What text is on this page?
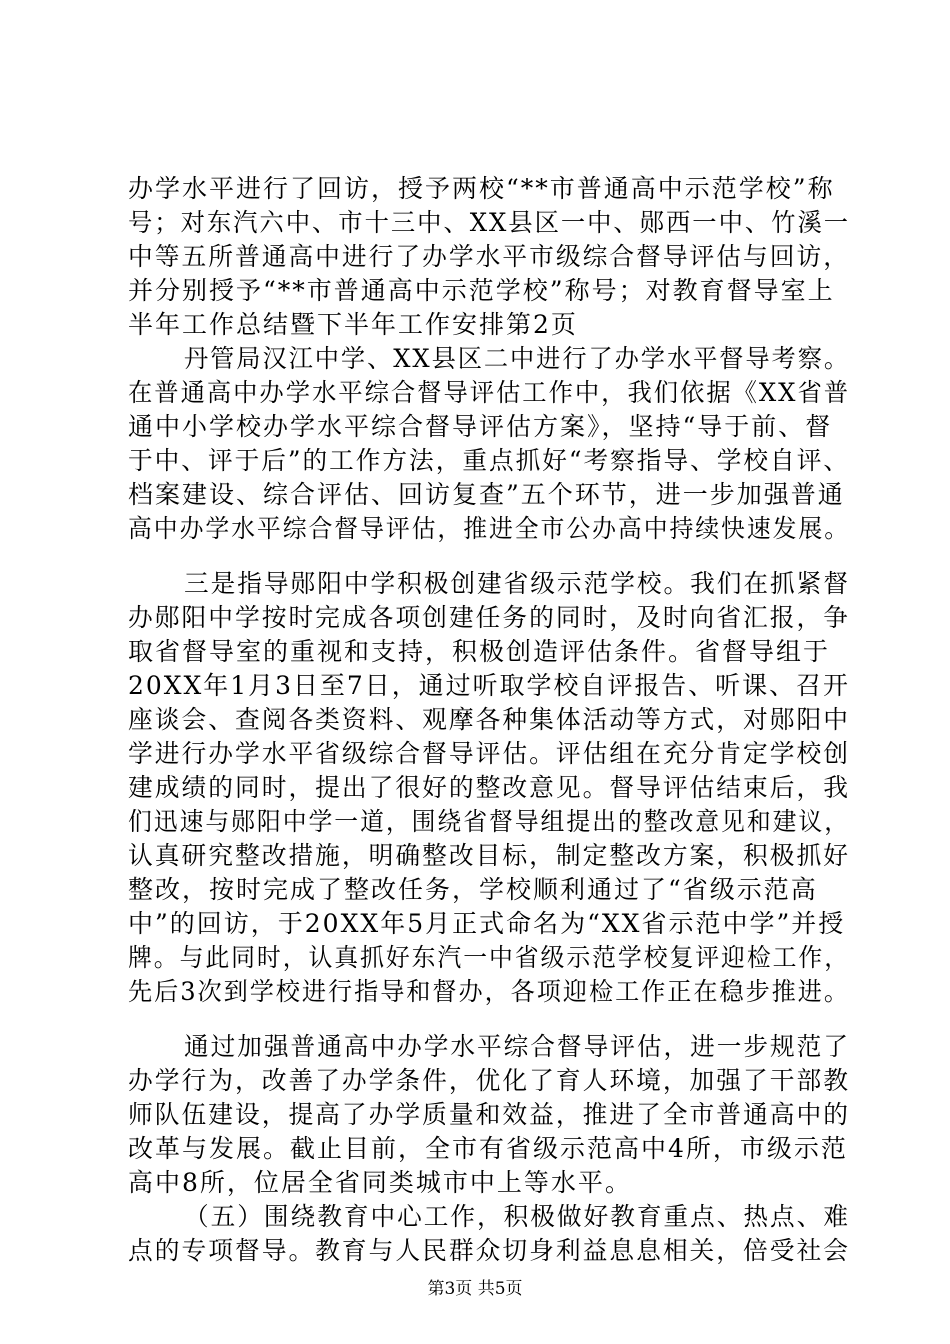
办学水平进行了回访，授予两校“**市普通高中示范学校”称
号；对东汽六中、市十三中、XX县区一中、郧西一中、竹溪一
中等五所普通高中进行了办学水平市级综合督导评估与回访，
并分别授予“**市普通高中示范学校”称号；对教育督导室上
半年工作总结暨下半年工作安排第2页
丹管局汉江中学、XX县区二中进行了办学水平督导考察。
在普通高中办学水平综合督导评估工作中，我们依据《XX省普
通中小学校办学水平综合督导评估方案》，坚持“导于前、督
于中、评于后”的工作方法，重点抓好“考察指导、学校自评、
档案建设、综合评估、回访复查”五个环节，进一步加强普通
高中办学水平综合督导评估，推进全市公办高中持续快速发展。
三是指导郧阳中学积极创建省级示范学校。我们在抓紧督
办郧阳中学按时完成各项创建任务的同时，及时向省汇报，争
取省督导室的重视和支持，积极创造评估条件。省督导组于
20XX年1月3日至7日，通过听取学校自评报告、听课、召开
座谈会、查阅各类资料、观摩各种集体活动等方式，对郧阳中
学进行办学水平省级综合督导评估。评估组在充分肯定学校创
建成绩的同时，提出了很好的整改意见。督导评估结束后，我
们迅速与郧阳中学一道，围绕省督导组提出的整改意见和建议，
认真研究整改措施，明确整改目标，制定整改方案，积极抓好
整改，按时完成了整改任务，学校顺利通过了“省级示范高
中”的回访，于20XX年5月正式命名为“XX省示范中学”并授
牌。与此同时，认真抓好东汽一中省级示范学校复评迎检工作，
先后3次到学校进行指导和督办，各项迎检工作正在稳步推进。
通过加强普通高中办学水平综合督导评估，进一步规范了
办学行为，改善了办学条件，优化了育人环境，加强了干部教
师队伍建设，提高了办学质量和效益，推进了全市普通高中的
改革与发展。截止目前，全市有省级示范高中4所，市级示范
高中8所，位居全省同类城市中上等水平。
（五）围绕教育中心工作，积极做好教育重点、热点、难
点的专项督导。教育与人民群众切身利益息息相关，倍受社会
第3页 共5页
